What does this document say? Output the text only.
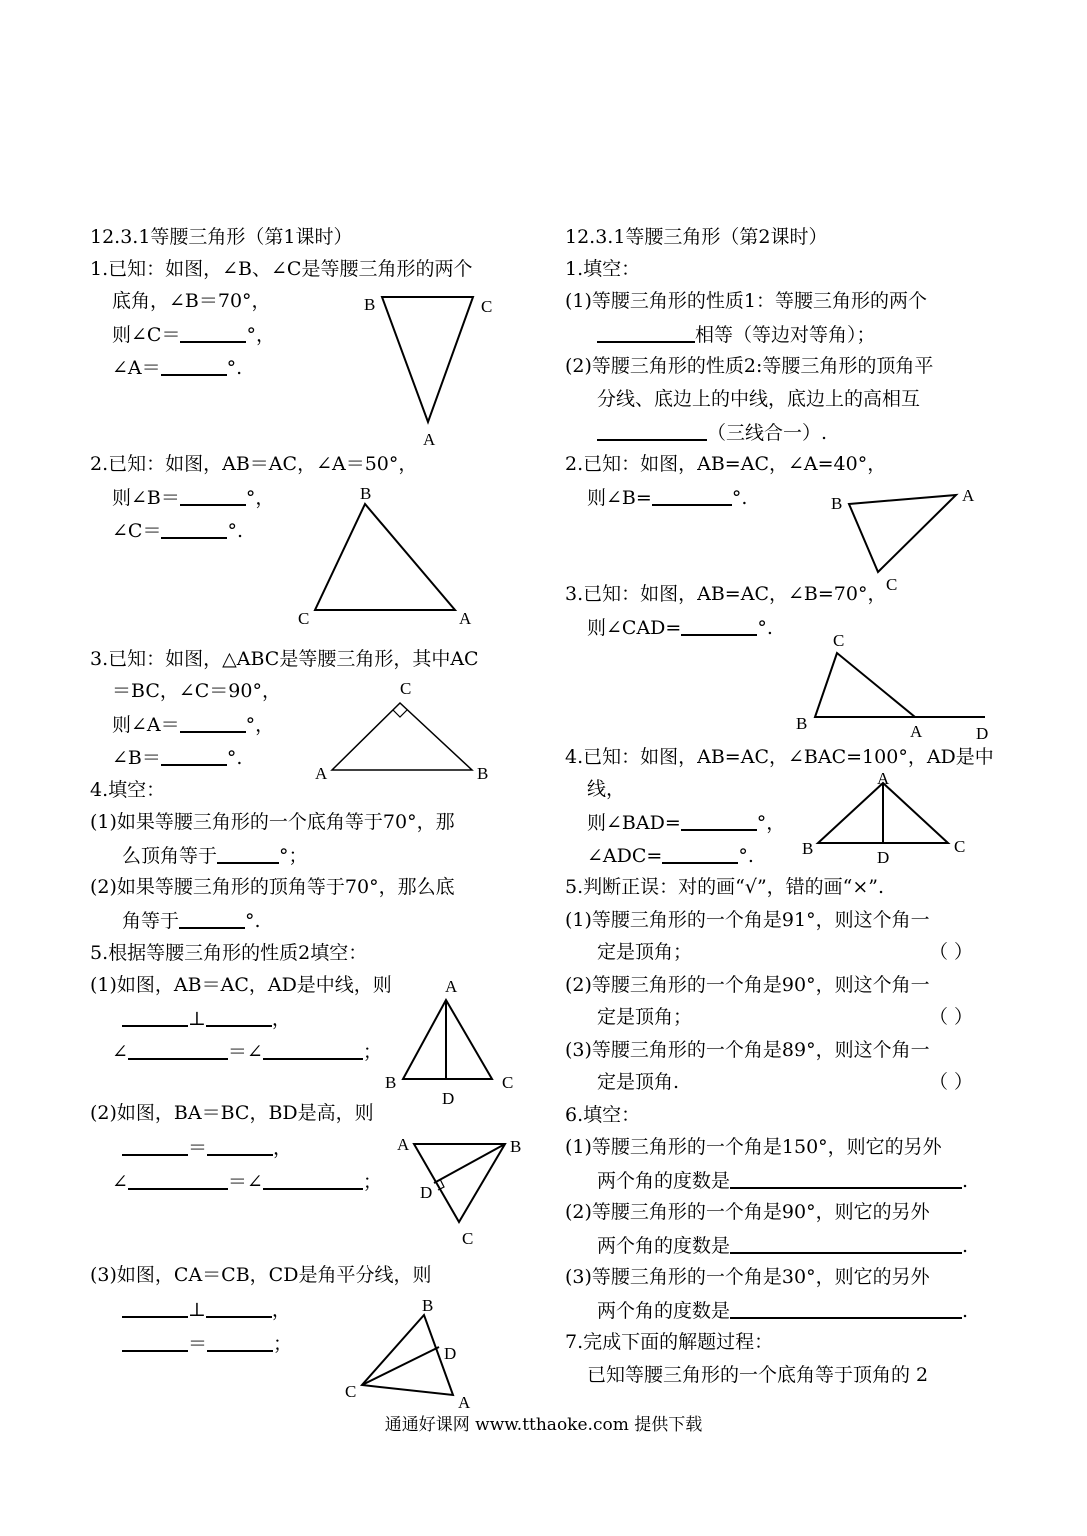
12.3.1等腰三角形（第1课时）
1.已知：如图，∠B、∠C是等腰三角形的两个
底角，∠B＝70°，
则∠C＝	°，
∠A＝	°.
2.已知：如图，AB＝AC，∠A＝50°，
则∠B＝	°，
∠C＝	°.
3.已知：如图，△ABC是等腰三角形，其中AC
＝BC，∠C＝90°，
则∠A＝	°，
∠B＝	°.
4.填空：
(1)如果等腰三角形的一个底角等于70°，那
么顶角等于	°；
(2)如果等腰三角形的顶角等于70°，那么底
角等于	°.
5.根据等腰三角形的性质2填空：
(1)如图，AB＝AC，AD是中线，则
⊥	，
∠	＝∠	；
(2)如图，BA＝BC，BD是高，则
＝	，
∠	＝∠	；
(3)如图，CA＝CB，CD是角平分线，则
⊥	，
＝	；
B	C
A
B
C	A
C
A	B
A
B
D
C
A	B
D
C
B
D
C
A
12.3.1等腰三角形（第2课时）
1.填空：
(1)等腰三角形的性质1：等腰三角形的两个
相等（等边对等角）；
(2)等腰三角形的性质2:等腰三角形的顶角平
分线、底边上的中线，底边上的高相互
（三线合一）.
2.已知：如图，AB=AC，∠A=40°，
则∠B=	°.
3.已知：如图，AB=AC，∠B=70°，
则∠CAD=	°.
4.已知：如图，AB=AC，∠BAC=100°，AD是中
线，
则∠BAD=	°，
∠ADC=	°.
5.判断正误：对的画“√”，错的画“×”.
(1)等腰三角形的一个角是91°，则这个角一
定是顶角；	（ ）
(2)等腰三角形的一个角是90°，则这个角一
定是顶角；	（ ）
(3)等腰三角形的一个角是89°，则这个角一
定是顶角.	（ ）
6.填空：
(1)等腰三角形的一个角是150°，则它的另外
两个角的度数是	.
(2)等腰三角形的一个角是90°，则它的另外
两个角的度数是	.
(3)等腰三角形的一个角是30°，则它的另外
两个角的度数是	.
7.完成下面的解题过程：
已知等腰三角形的一个底角等于顶角的 2
B	A
C
C
B	A	D
A
B	D
C
通通好课网 www.tthaoke.com 提供下载
